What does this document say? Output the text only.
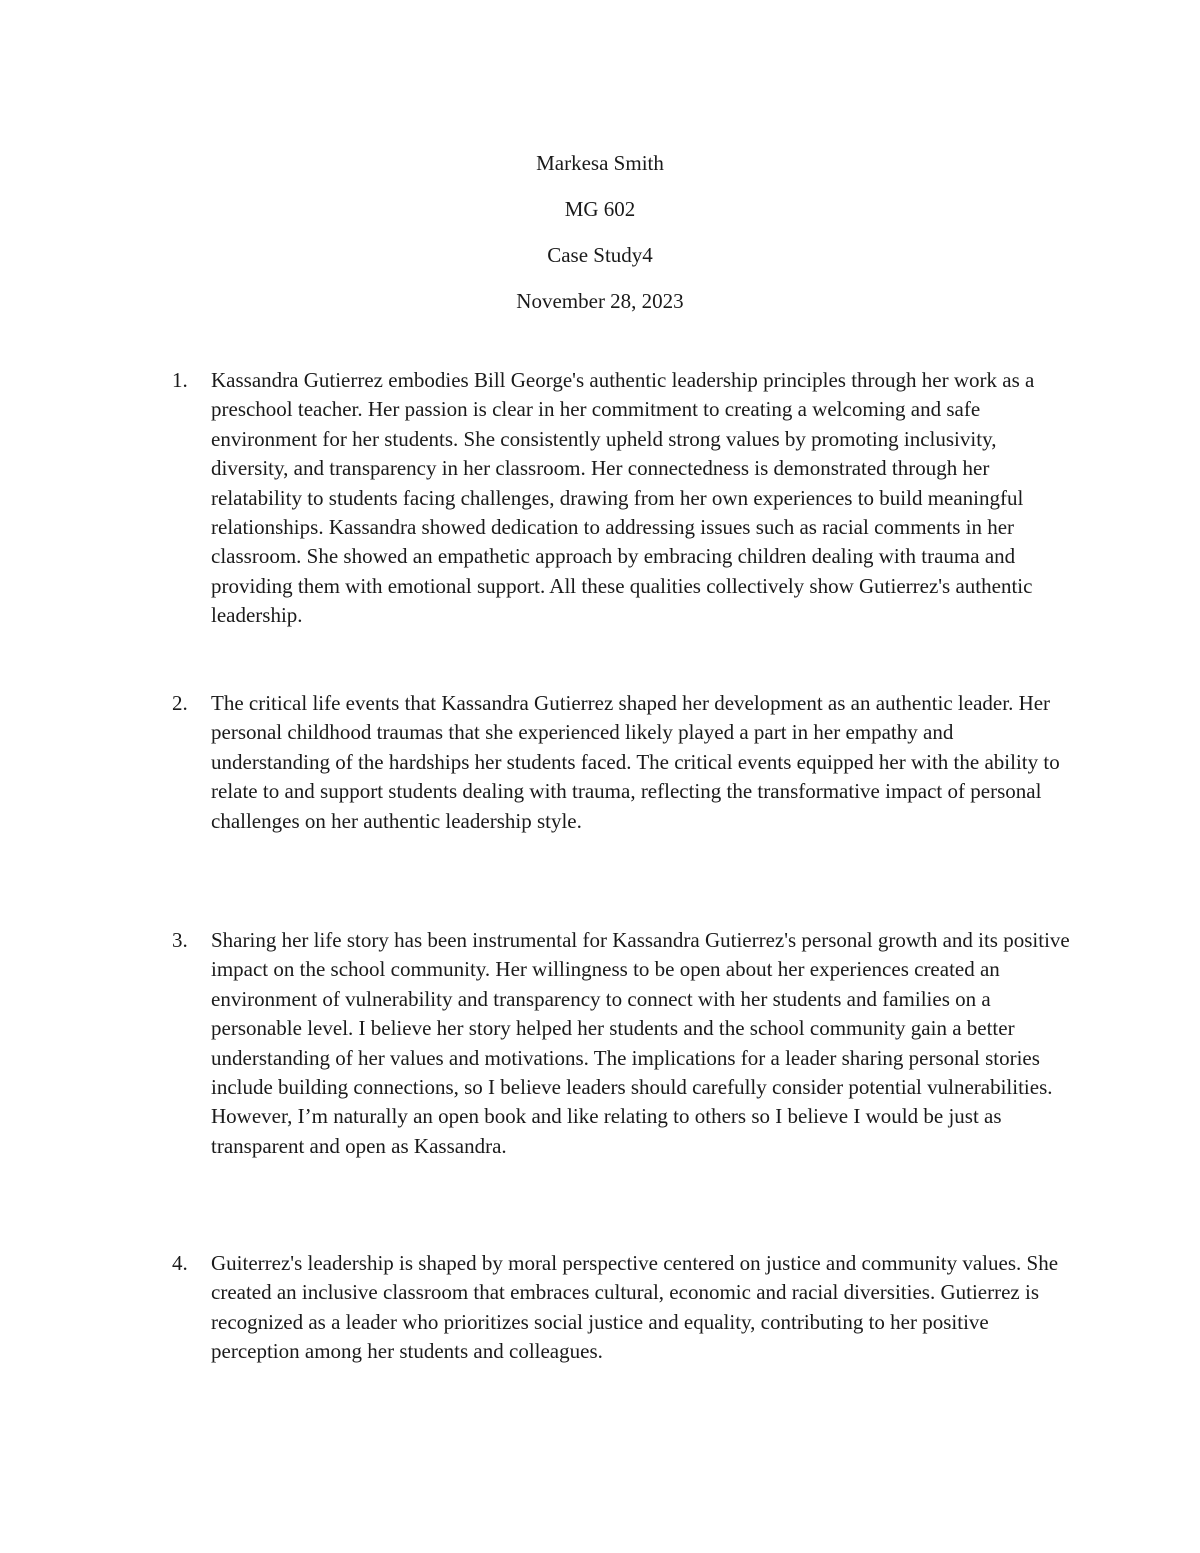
Markesa Smith
MG 602
Case Study4
November 28, 2023
1.	Kassandra Gutierrez embodies Bill George's authentic leadership principles through her work as a preschool teacher. Her passion is clear in her commitment to creating a welcoming and safe environment for her students. She consistently upheld strong values by promoting inclusivity, diversity, and transparency in her classroom. Her connectedness is demonstrated through her relatability to students facing challenges, drawing from her own experiences to build meaningful relationships. Kassandra showed dedication to addressing issues such as racial comments in her classroom. She showed an empathetic approach by embracing children dealing with trauma and providing them with emotional support. All these qualities collectively show Gutierrez's authentic leadership.
2.	The critical life events that Kassandra Gutierrez shaped her development as an authentic leader. Her personal childhood traumas that she experienced likely played a part in her empathy and understanding of the hardships her students faced. The critical events equipped her with the ability to relate to and support students dealing with trauma, reflecting the transformative impact of personal challenges on her authentic leadership style.
3.	Sharing her life story has been instrumental for Kassandra Gutierrez's personal growth and its positive impact on the school community. Her willingness to be open about her experiences created an environment of vulnerability and transparency to connect with her students and families on a personable level. I believe her story helped her students and the school community gain a better understanding of her values and motivations. The implications for a leader sharing personal stories include building connections, so I believe leaders should carefully consider potential vulnerabilities. However, I’m naturally an open book and like relating to others so I believe I would be just as transparent and open as Kassandra.
4.	Guiterrez's leadership is shaped by moral perspective centered on justice and community values. She created an inclusive classroom that embraces cultural, economic and racial diversities. Gutierrez is recognized as a leader who prioritizes social justice and equality, contributing to her positive perception among her students and colleagues.
